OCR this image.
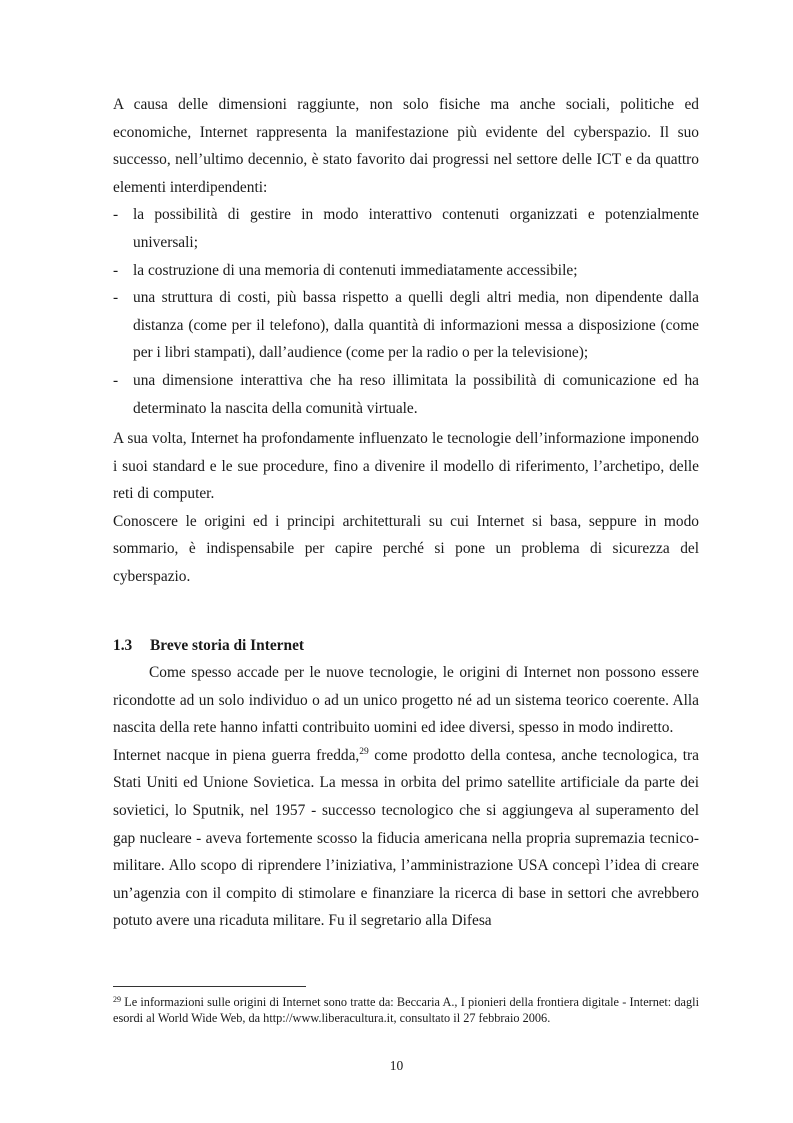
A causa delle dimensioni raggiunte, non solo fisiche ma anche sociali, politiche ed economiche, Internet rappresenta la manifestazione più evidente del cyberspazio. Il suo successo, nell’ultimo decennio, è stato favorito dai progressi nel settore delle ICT e da quattro elementi interdipendenti:

- la possibilità di gestire in modo interattivo contenuti organizzati e potenzialmente universali;
- la costruzione di una memoria di contenuti immediatamente accessibile;
- una struttura di costi, più bassa rispetto a quelli degli altri media, non dipendente dalla distanza (come per il telefono), dalla quantità di informazioni messa a disposizione (come per i libri stampati), dall’audience (come per la radio o per la televisione);
- una dimensione interattiva che ha reso illimitata la possibilità di comunicazione ed ha determinato la nascita della comunità virtuale.

A sua volta, Internet ha profondamente influenzato le tecnologie dell’informazione imponendo i suoi standard e le sue procedure, fino a divenire il modello di riferimento, l’archetipo, delle reti di computer.

Conoscere le origini ed i principi architetturali su cui Internet si basa, seppure in modo sommario, è indispensabile per capire perché si pone un problema di sicurezza del cyberspazio.

1.3 Breve storia di Internet

Come spesso accade per le nuove tecnologie, le origini di Internet non possono essere ricondotte ad un solo individuo o ad un unico progetto né ad un sistema teorico coerente. Alla nascita della rete hanno infatti contribuito uomini ed idee diversi, spesso in modo indiretto.

Internet nacque in piena guerra fredda,$^{29}$ come prodotto della contesa, anche tecnologica, tra Stati Uniti ed Unione Sovietica. La messa in orbita del primo satellite artificiale da parte dei sovietici, lo Sputnik, nel 1957 - successo tecnologico che si aggiungeva al superamento del gap nucleare - aveva fortemente scosso la fiducia americana nella propria supremazia tecnico-militare. Allo scopo di riprendere l’iniziativa, l’amministrazione USA concepì l’idea di creare un’agenzia con il compito di stimolare e finanziare la ricerca di base in settori che avrebbero potuto avere una ricaduta militare. Fu il segretario alla Difesa

$^{29}$ Le informazioni sulle origini di Internet sono tratte da: Beccaria A., I pionieri della frontiera digitale - Internet: dagli esordi al World Wide Web, da http://www.liberacultura.it, consultato il 27 febbraio 2006.
10
